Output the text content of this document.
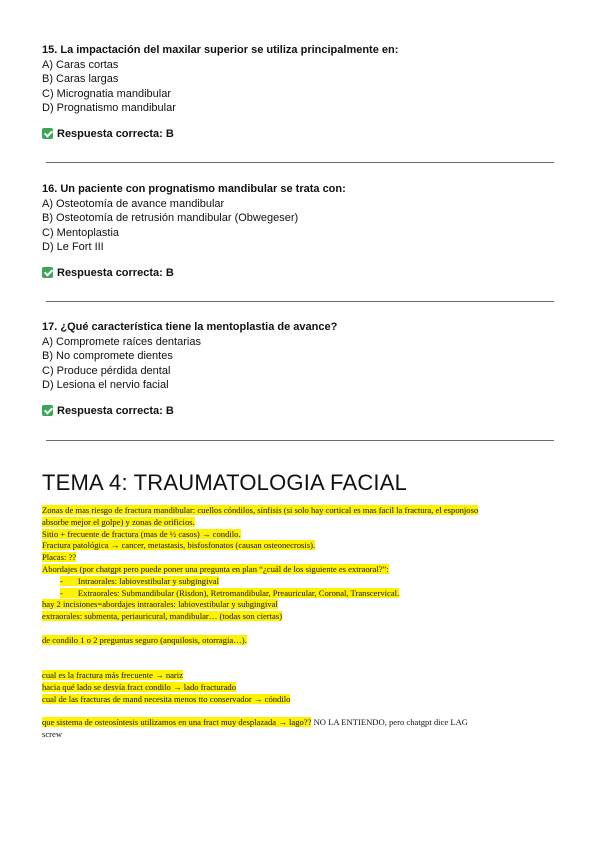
15. La impactación del maxilar superior se utiliza principalmente en:
A) Caras cortas
B) Caras largas
C) Micrognatia mandibular
D) Prognatismo mandibular
Respuesta correcta: B
16. Un paciente con prognatismo mandibular se trata con:
A) Osteotomía de avance mandibular
B) Osteotomía de retrusión mandibular (Obwegeser)
C) Mentoplastia
D) Le Fort III
Respuesta correcta: B
17. ¿Qué característica tiene la mentoplastia de avance?
A) Compromete raíces dentarias
B) No compromete dientes
C) Produce pérdida dental
D) Lesiona el nervio facial
Respuesta correcta: B
TEMA 4: TRAUMATOLOGIA FACIAL
Zonas de mas riesgo de fractura mandibular: cuellos cóndilos, sínfisis (si solo hay cortical es mas facil la fractura, el esponjoso
absorbe mejor el golpe) y zonas de orificios.
Sitio + frecuente de fractura (mas de ½ casos) → condilo.
Fractura patológica → cancer, metastasis, bisfosfonatos (causan osteonecrosis).
Placas: ??
Abordajes (por chatgpt pero puede poner una pregunta en plan “¿cuál de los siguiente es extraoral?”:
-       Intraorales: labiovestibular y subgingival
-       Extraorales: Submandibular (Risdon), Retromandibular, Preauricular, Coronal, Transcervical.
hay 2 incisiones=abordajes intraorales: labiovestibular y subgingival
extraorales: submenta, periauricural, mandibular… (todas son ciertas)
de condilo 1 o 2 preguntas seguro (anquilosis, otorragia…).
cual es la fractura más frecuente → nariz
hacia qué lado se desvía fract condilo → lado fracturado
cual de las fracturas de mand necesita menos tto conservador → cóndilo
que sistema de osteosíntesis utilizamos en una fract muy desplazada → lago?? NO LA ENTIENDO, pero chatgpt dice LAG
screw
